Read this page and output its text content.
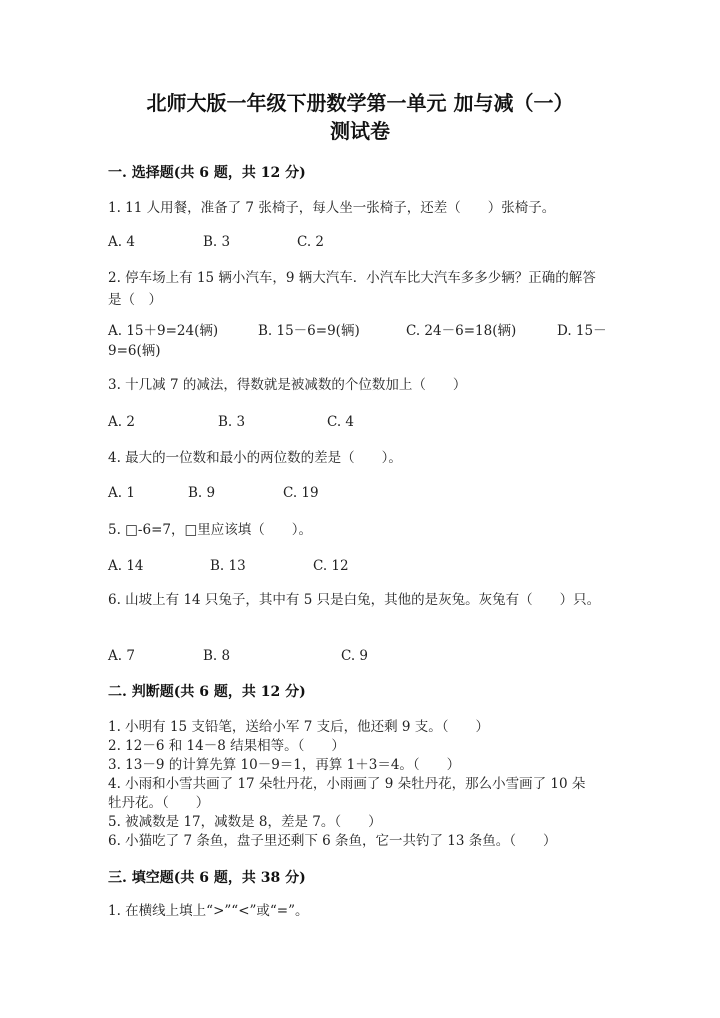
北师大版一年级下册数学第一单元 加与减（一）
测试卷

一. 选择题(共 6 题，共 12 分)

1. 11 人用餐，准备了 7 张椅子，每人坐一张椅子，还差（　　）张椅子。

A. 4	B. 3	C. 2

2. 停车场上有 15 辆小汽车，9 辆大汽车．小汽车比大汽车多多少辆？正确的解答是（　）

A. 15＋9=24(辆)	B. 15－6=9(辆)	C. 24－6=18(辆)	D. 15－
9=6(辆)

3. 十几减 7 的减法，得数就是被减数的个位数加上（　　）

A. 2	B. 3	C. 4

4. 最大的一位数和最小的两位数的差是（　　）。

A. 1	B. 9	C. 19

5. □-6=7，□里应该填（　　）。

A. 14	B. 13	C. 12

6. 山坡上有 14 只兔子，其中有 5 只是白兔，其他的是灰兔。灰兔有（　　）只。

A. 7	B. 8	C. 9

二. 判断题(共 6 题，共 12 分)

1. 小明有 15 支铅笔，送给小军 7 支后，他还剩 9 支。（　　）
2. 12－6 和 14－8 结果相等。（　　）
3. 13－9 的计算先算 10－9＝1，再算 1＋3＝4。（　　）
4. 小雨和小雪共画了 17 朵牡丹花，小雨画了 9 朵牡丹花，那么小雪画了 10 朵
牡丹花。（　　）
5. 被减数是 17，减数是 8，差是 7。（　　）
6. 小猫吃了 7 条鱼，盘子里还剩下 6 条鱼，它一共钓了 13 条鱼。（　　）

三. 填空题(共 6 题，共 38 分)

1. 在横线上填上“>”“<”或“=”。
